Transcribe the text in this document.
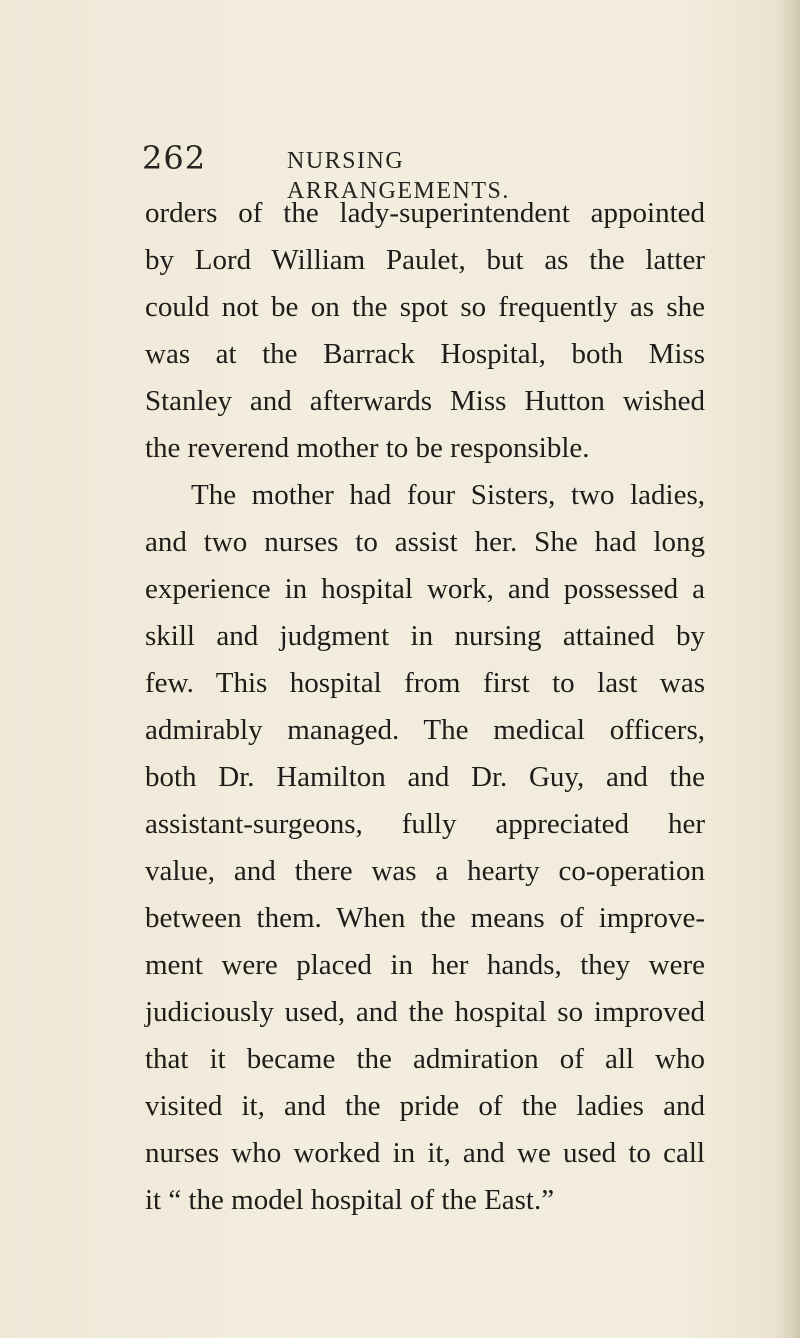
262	NURSING ARRANGEMENTS.
orders of the lady-superintendent appointed
by Lord William Paulet, but as the latter
could not be on the spot so frequently as she
was at the Barrack Hospital, both Miss
Stanley and afterwards Miss Hutton wished
the reverend mother to be responsible.
The mother had four Sisters, two ladies,
and two nurses to assist her. She had long
experience in hospital work, and possessed a
skill and judgment in nursing attained by
few. This hospital from first to last was
admirably managed. The medical officers,
both Dr. Hamilton and Dr. Guy, and the
assistant-surgeons, fully appreciated her
value, and there was a hearty co-operation
between them. When the means of improve-
ment were placed in her hands, they were
judiciously used, and the hospital so improved
that it became the admiration of all who
visited it, and the pride of the ladies and
nurses who worked in it, and we used to call
it “ the model hospital of the East.”
